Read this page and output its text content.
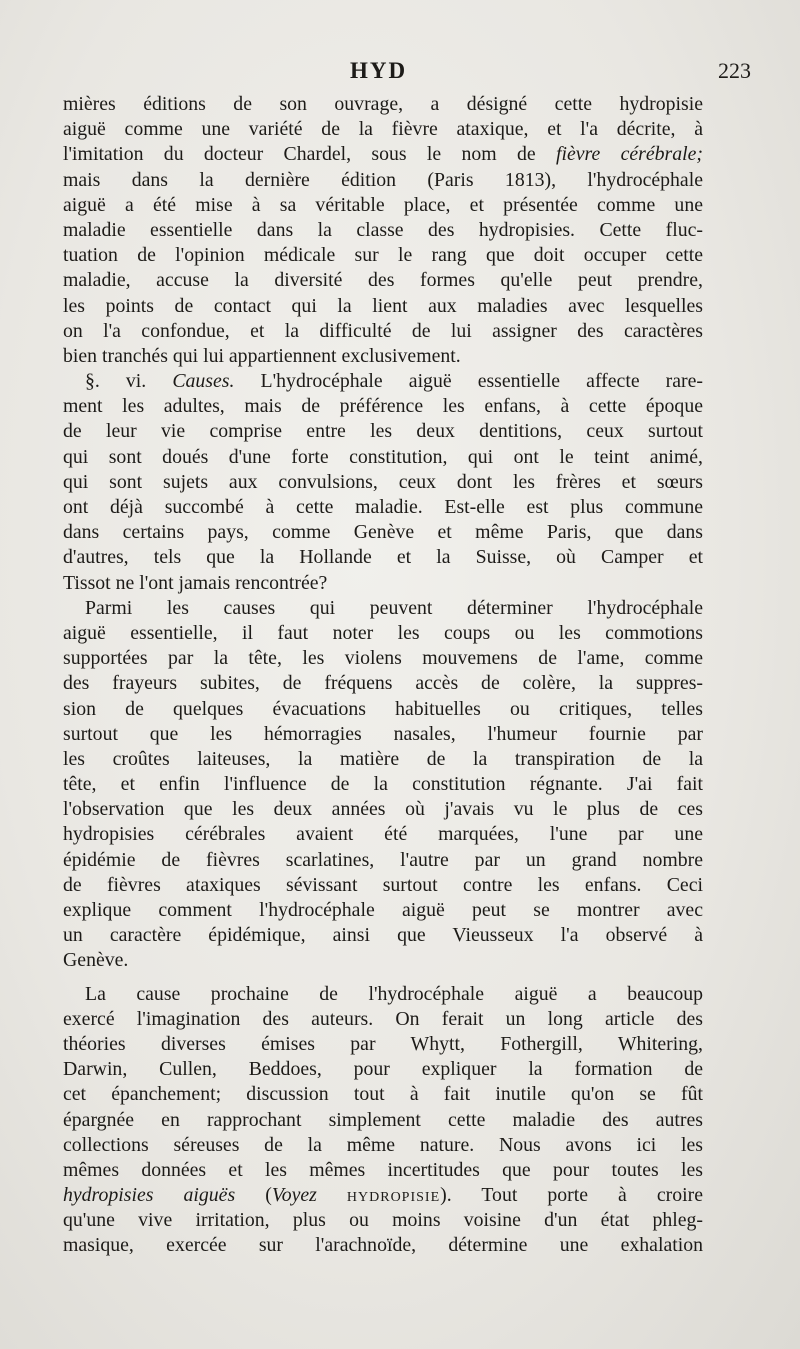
HYD	223
mières éditions de son ouvrage, a désigné cette hydropisie
aiguë comme une variété de la fièvre ataxique, et l'a décrite, à
l'imitation du docteur Chardel, sous le nom de fièvre cérébrale;
mais dans la dernière édition (Paris 1813), l'hydrocéphale
aiguë a été mise à sa véritable place, et présentée comme une
maladie essentielle dans la classe des hydropisies. Cette fluc-
tuation de l'opinion médicale sur le rang que doit occuper cette
maladie, accuse la diversité des formes qu'elle peut prendre,
les points de contact qui la lient aux maladies avec lesquelles
on l'a confondue, et la difficulté de lui assigner des caractères
bien tranchés qui lui appartiennent exclusivement.
§. vi. Causes. L'hydrocéphale aiguë essentielle affecte rare-
ment les adultes, mais de préférence les enfans, à cette époque
de leur vie comprise entre les deux dentitions, ceux surtout
qui sont doués d'une forte constitution, qui ont le teint animé,
qui sont sujets aux convulsions, ceux dont les frères et sœurs
ont déjà succombé à cette maladie. Est-elle est plus commune
dans certains pays, comme Genève et même Paris, que dans
d'autres, tels que la Hollande et la Suisse, où Camper et
Tissot ne l'ont jamais rencontrée?
Parmi les causes qui peuvent déterminer l'hydrocéphale
aiguë essentielle, il faut noter les coups ou les commotions
supportées par la tête, les violens mouvemens de l'ame, comme
des frayeurs subites, de fréquens accès de colère, la suppres-
sion de quelques évacuations habituelles ou critiques, telles
surtout que les hémorragies nasales, l'humeur fournie par
les croûtes laiteuses, la matière de la transpiration de la
tête, et enfin l'influence de la constitution régnante. J'ai fait
l'observation que les deux années où j'avais vu le plus de ces
hydropisies cérébrales avaient été marquées, l'une par une
épidémie de fièvres scarlatines, l'autre par un grand nombre
de fièvres ataxiques sévissant surtout contre les enfans. Ceci
explique comment l'hydrocéphale aiguë peut se montrer avec
un caractère épidémique, ainsi que Vieusseux l'a observé à
Genève.
La cause prochaine de l'hydrocéphale aiguë a beaucoup
exercé l'imagination des auteurs. On ferait un long article des
théories diverses émises par Whytt, Fothergill, Whitering,
Darwin, Cullen, Beddoes, pour expliquer la formation de
cet épanchement; discussion tout à fait inutile qu'on se fût
épargnée en rapprochant simplement cette maladie des autres
collections séreuses de la même nature. Nous avons ici les
mêmes données et les mêmes incertitudes que pour toutes les
hydropisies aiguës (Voyez HYDROPISIE). Tout porte à croire
qu'une vive irritation, plus ou moins voisine d'un état phleg-
masique, exercée sur l'arachnoïde, détermine une exhalation
